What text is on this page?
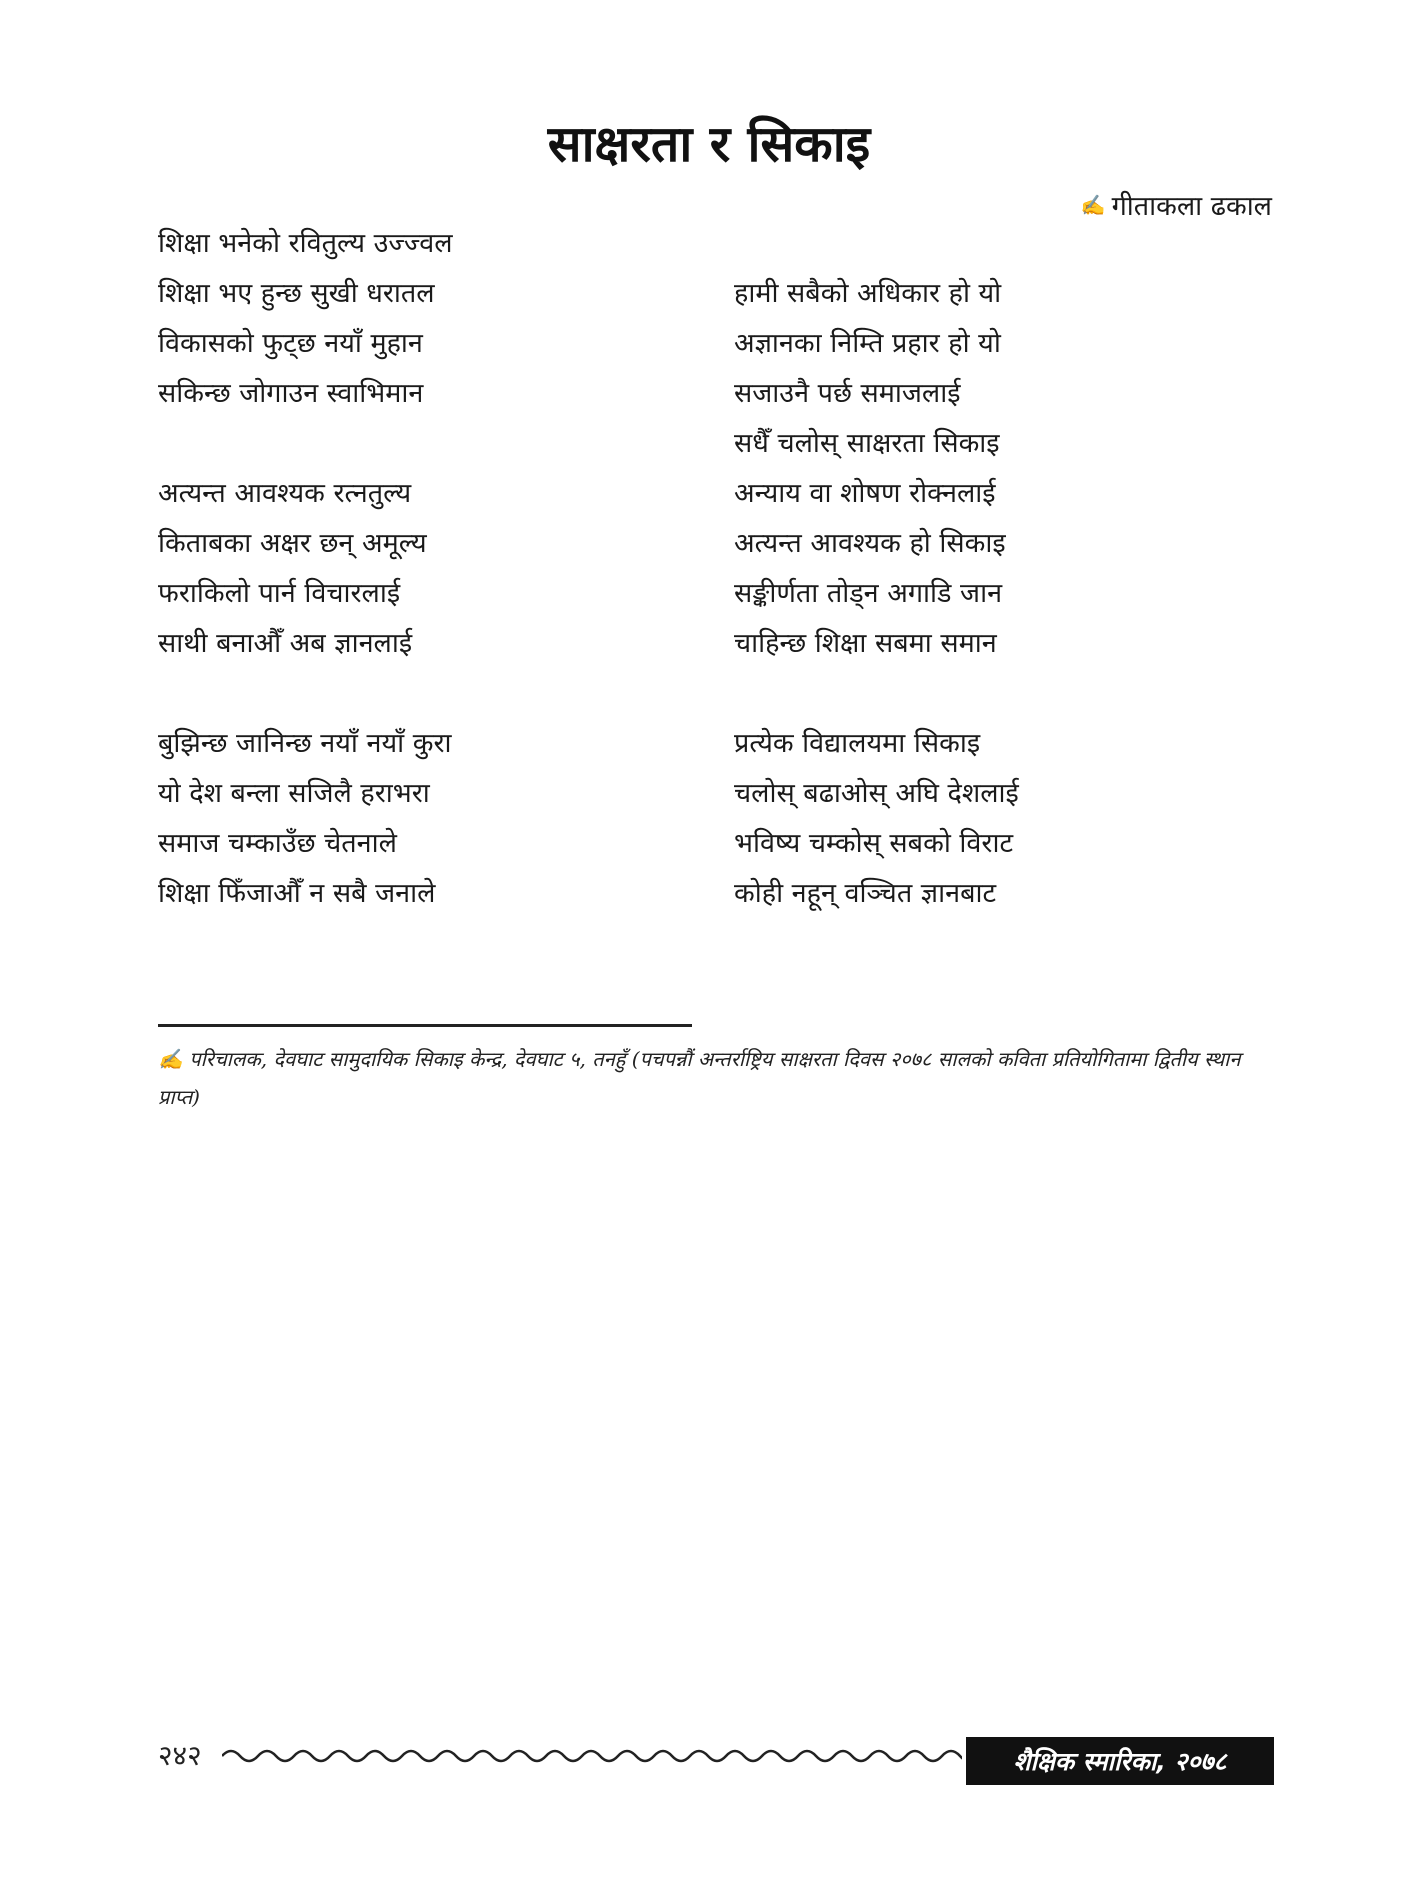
साक्षरता र सिकाइ
✍ गीताकला ढकाल
शिक्षा भनेको रवितुल्य उज्ज्वल
शिक्षा भए हुन्छ सुखी धरातल
विकासको फुट्छ नयाँ मुहान
सकिन्छ जोगाउन स्वाभिमान
अत्यन्त आवश्यक रत्नतुल्य
किताबका अक्षर छन् अमूल्य
फराकिलो पार्न विचारलाई
साथी बनाऔँ अब ज्ञानलाई
बुझिन्छ जानिन्छ नयाँ नयाँ कुरा
यो देश बन्ला सजिलै हराभरा
समाज चम्काउँछ चेतनाले
शिक्षा फिँजाऔँ न सबै जनाले
हामी सबैको अधिकार हो यो
अज्ञानका निम्ति प्रहार हो यो
सजाउनै पर्छ समाजलाई
सधैँ चलोस् साक्षरता सिकाइ
अन्याय वा शोषण रोक्नलाई
अत्यन्त आवश्यक हो सिकाइ
सङ्कीर्णता तोड्न अगाडि जान
चाहिन्छ शिक्षा सबमा समान
प्रत्येक विद्यालयमा सिकाइ
चलोस् बढाओस् अघि देशलाई
भविष्य चम्कोस् सबको विराट
कोही नहून् वञ्चित ज्ञानबाट
✍ परिचालक, देवघाट सामुदायिक सिकाइ केन्द्र, देवघाट ५, तनहुँ (पचपन्नौं अन्तर्राष्ट्रिय साक्षरता दिवस २०७८ सालको कविता प्रतियोगितामा द्वितीय स्थान प्राप्त)
२४२	शैक्षिक स्मारिका, २०७८
